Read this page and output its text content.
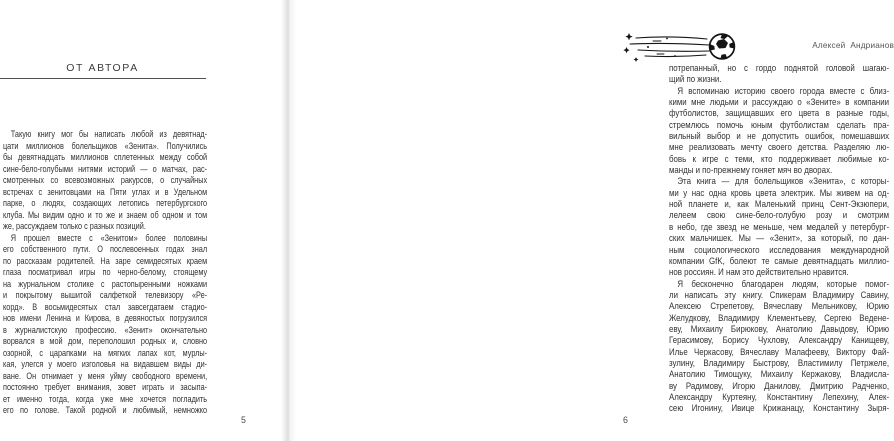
ОТ АВТОРА
Такую книгу мог бы написать любой из девятнад-
цати миллионов болельщиков «Зенита». Получились
бы девятнадцать миллионов сплетенных между собой
сине-бело-голубыми нитями историй — о матчах, рас-
смотренных со всевозможных ракурсов, о случайных
встречах с зенитовцами на Пяти углах и в Удельном
парке, о людях, создающих летопись петербургского
клуба. Мы видим одно и то же и знаем об одном и том
же, рассуждаем только с разных позиций.
Я прошел вместе с «Зенитом» более половины
его собственного пути. О послевоенных годах знал
по рассказам родителей. На заре семидесятых краем
глаза посматривал игры по черно-белому, стоящему
на журнальном столике с растопыренными ножками
и покрытому вышитой салфеткой телевизору «Ре-
корд». В восьмидесятых стал завсегдатаем стадио-
нов имени Ленина и Кирова, в девяностых погрузился
в журналистскую профессию. «Зенит» окончательно
ворвался в мой дом, переполошил родных и, словно
озорной, с царапками на мягких лапах кот, мурлы-
кая, улегся у моего изголовья на видавшем виды ди-
ване. Он отнимает у меня уйму свободного времени,
постоянно требует внимания, зовет играть и засыпа-
ет именно тогда, когда уже мне хочется погладить
его по голове. Такой родной и любимый, немножко
5
Алексей Андрианов
потрепанный, но с гордо поднятой головой шагаю-
щий по жизни.
Я вспоминаю историю своего города вместе с близ-
кими мне людьми и рассуждаю о «Зените» в компании
футболистов, защищавших его цвета в разные годы,
стремлюсь помочь юным футболистам сделать пра-
вильный выбор и не допустить ошибок, помешавших
мне реализовать мечту своего детства. Разделяю лю-
бовь к игре с теми, кто поддерживает любимые ко-
манды и по-прежнему гоняет мяч во дворах.
Эта книга — для болельщиков «Зенита», с которы-
ми у нас одна кровь цвета электрик. Мы живем на од-
ной планете и, как Маленький принц Сент-Экзюпери,
лелеем свою сине-бело-голубую розу и смотрим
в небо, где звезд не меньше, чем медалей у петербург-
ских мальчишек. Мы — «Зенит», за который, по дан-
ным социологического исследования международной
компании GfK, болеют те самые девятнадцать миллио-
нов россиян. И нам это действительно нравится.
Я бесконечно благодарен людям, которые помог-
ли написать эту книгу. Спикерам Владимиру Савину,
Алексею Стрепетову, Вячеславу Мельникову, Юрию
Желудкову, Владимиру Клементьеву, Сергею Ведене-
еву, Михаилу Бирюкову, Анатолию Давыдову, Юрию
Герасимову, Борису Чухлову, Александру Канищеву,
Илье Черкасову, Вячеславу Малафееву, Виктору Фай-
зулину, Владимиру Быстрову, Властимилу Петржеле,
Анатолию Тимощуку, Михаилу Кержакову, Владисла-
ву Радимову, Игорю Данилову, Дмитрию Радченко,
Александру Куртеяну, Константину Лепехину, Алек-
сею Игонину, Ивице Крижанацу, Константину Зыря-
6
